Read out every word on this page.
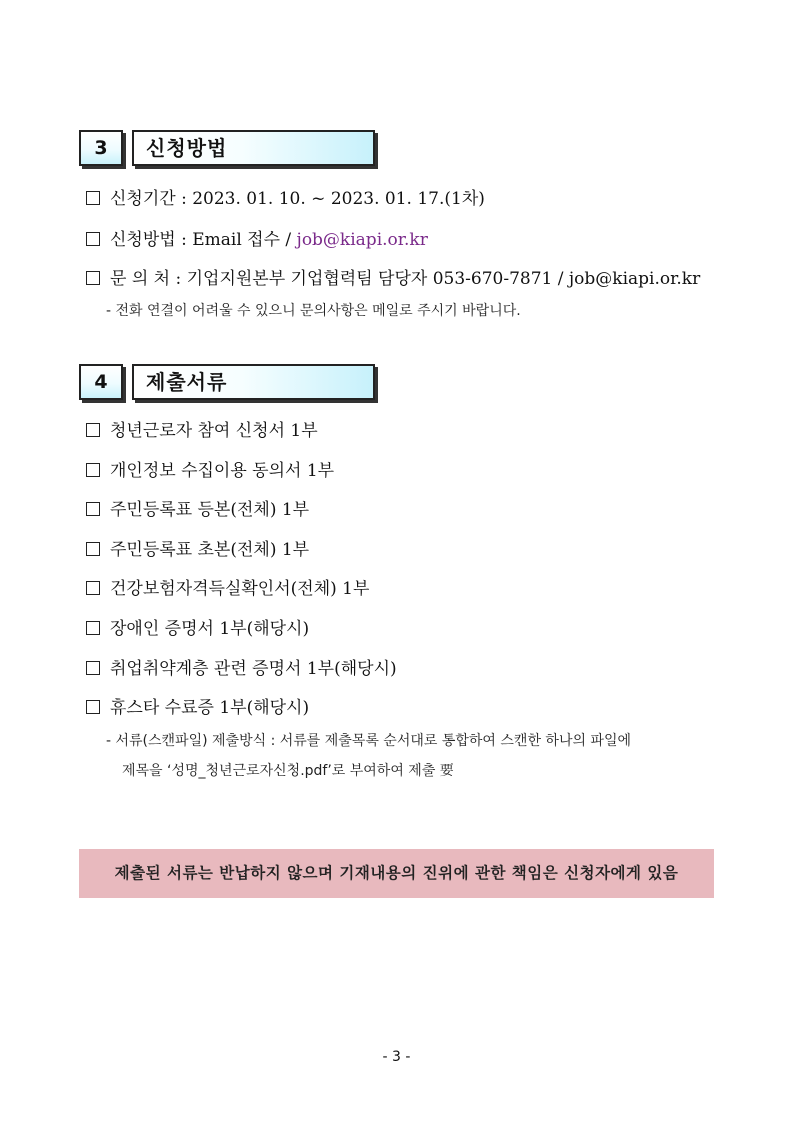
3	신청방법
신청기간 : 2023. 01. 10. ~ 2023. 01. 17.(1차)
신청방법 : Email 접수 / job@kiapi.or.kr
문 의 처 : 기업지원본부 기업협력팀 담당자 053-670-7871 / job@kiapi.or.kr
- 전화 연결이 어려울 수 있으니 문의사항은 메일로 주시기 바랍니다.
4	제출서류
청년근로자 참여 신청서 1부
개인정보 수집이용 동의서 1부
주민등록표 등본(전체) 1부
주민등록표 초본(전체) 1부
건강보험자격득실확인서(전체) 1부
장애인 증명서 1부(해당시)
취업취약계층 관련 증명서 1부(해당시)
휴스타 수료증 1부(해당시)
- 서류(스캔파일) 제출방식 : 서류를 제출목록 순서대로 통합하여 스캔한 하나의 파일에
제목을 ‘성명_청년근로자신청.pdf’로 부여하여 제출 要
제출된 서류는 반납하지 않으며 기재내용의 진위에 관한 책임은 신청자에게 있음
- 3 -
